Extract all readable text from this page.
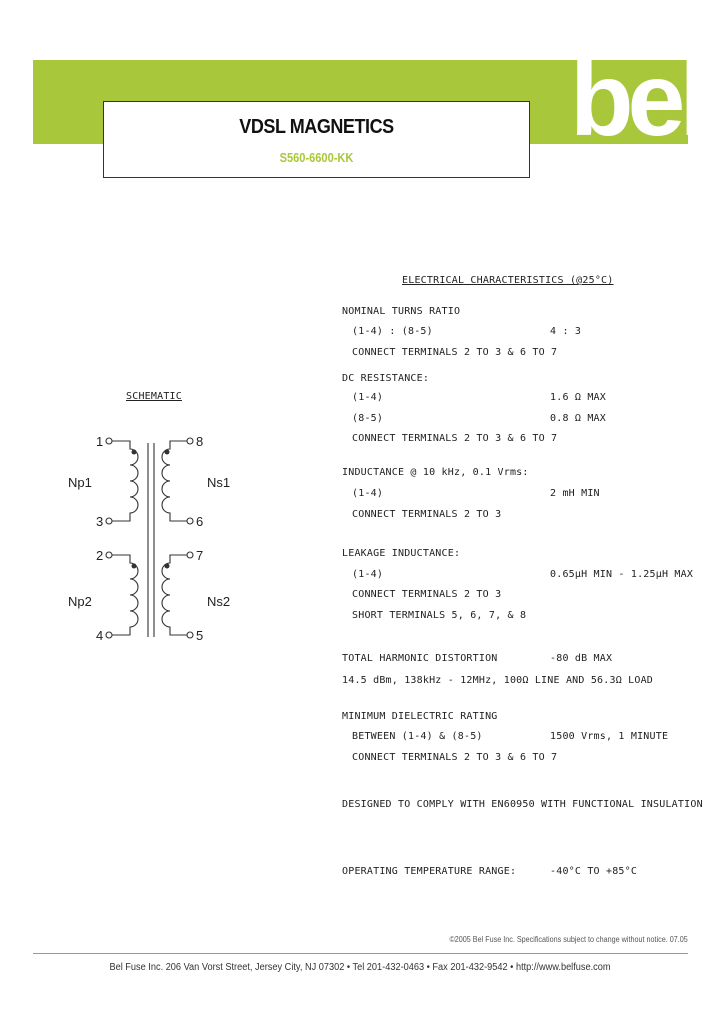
bel
VDSL MAGNETICS
S560-6600-KK
ELECTRICAL CHARACTERISTICS (@25°C)
NOMINAL TURNS RATIO
(1-4) : (8-5)	4 : 3
CONNECT TERMINALS 2 TO 3 & 6 TO 7
DC RESISTANCE:
(1-4)	1.6 Ω MAX
(8-5)	0.8 Ω MAX
CONNECT TERMINALS 2 TO 3 & 6 TO 7
INDUCTANCE @ 10 kHz, 0.1 Vrms:
(1-4)	2 mH MIN
CONNECT TERMINALS 2 TO 3
LEAKAGE INDUCTANCE:
(1-4)	0.65μH MIN - 1.25μH MAX
CONNECT TERMINALS 2 TO 3
SHORT TERMINALS 5, 6, 7, & 8
TOTAL HARMONIC DISTORTION	-80 dB MAX
14.5 dBm, 138kHz - 12MHz, 100Ω LINE AND 56.3Ω LOAD
MINIMUM DIELECTRIC RATING
BETWEEN (1-4) & (8-5)	1500 Vrms, 1 MINUTE
CONNECT TERMINALS 2 TO 3 & 6 TO 7
DESIGNED TO COMPLY WITH EN60950 WITH FUNCTIONAL INSULATION
OPERATING TEMPERATURE RANGE:	-40°C TO +85°C
SCHEMATIC
1
3
2
4
8
6
7
5
Np1
Np2
Ns1
Ns2
©2005 Bel Fuse Inc. Specifications subject to change without notice. 07.05
Bel Fuse Inc. 206 Van Vorst Street, Jersey City, NJ 07302 • Tel 201-432-0463 • Fax 201-432-9542 • http://www.belfuse.com
